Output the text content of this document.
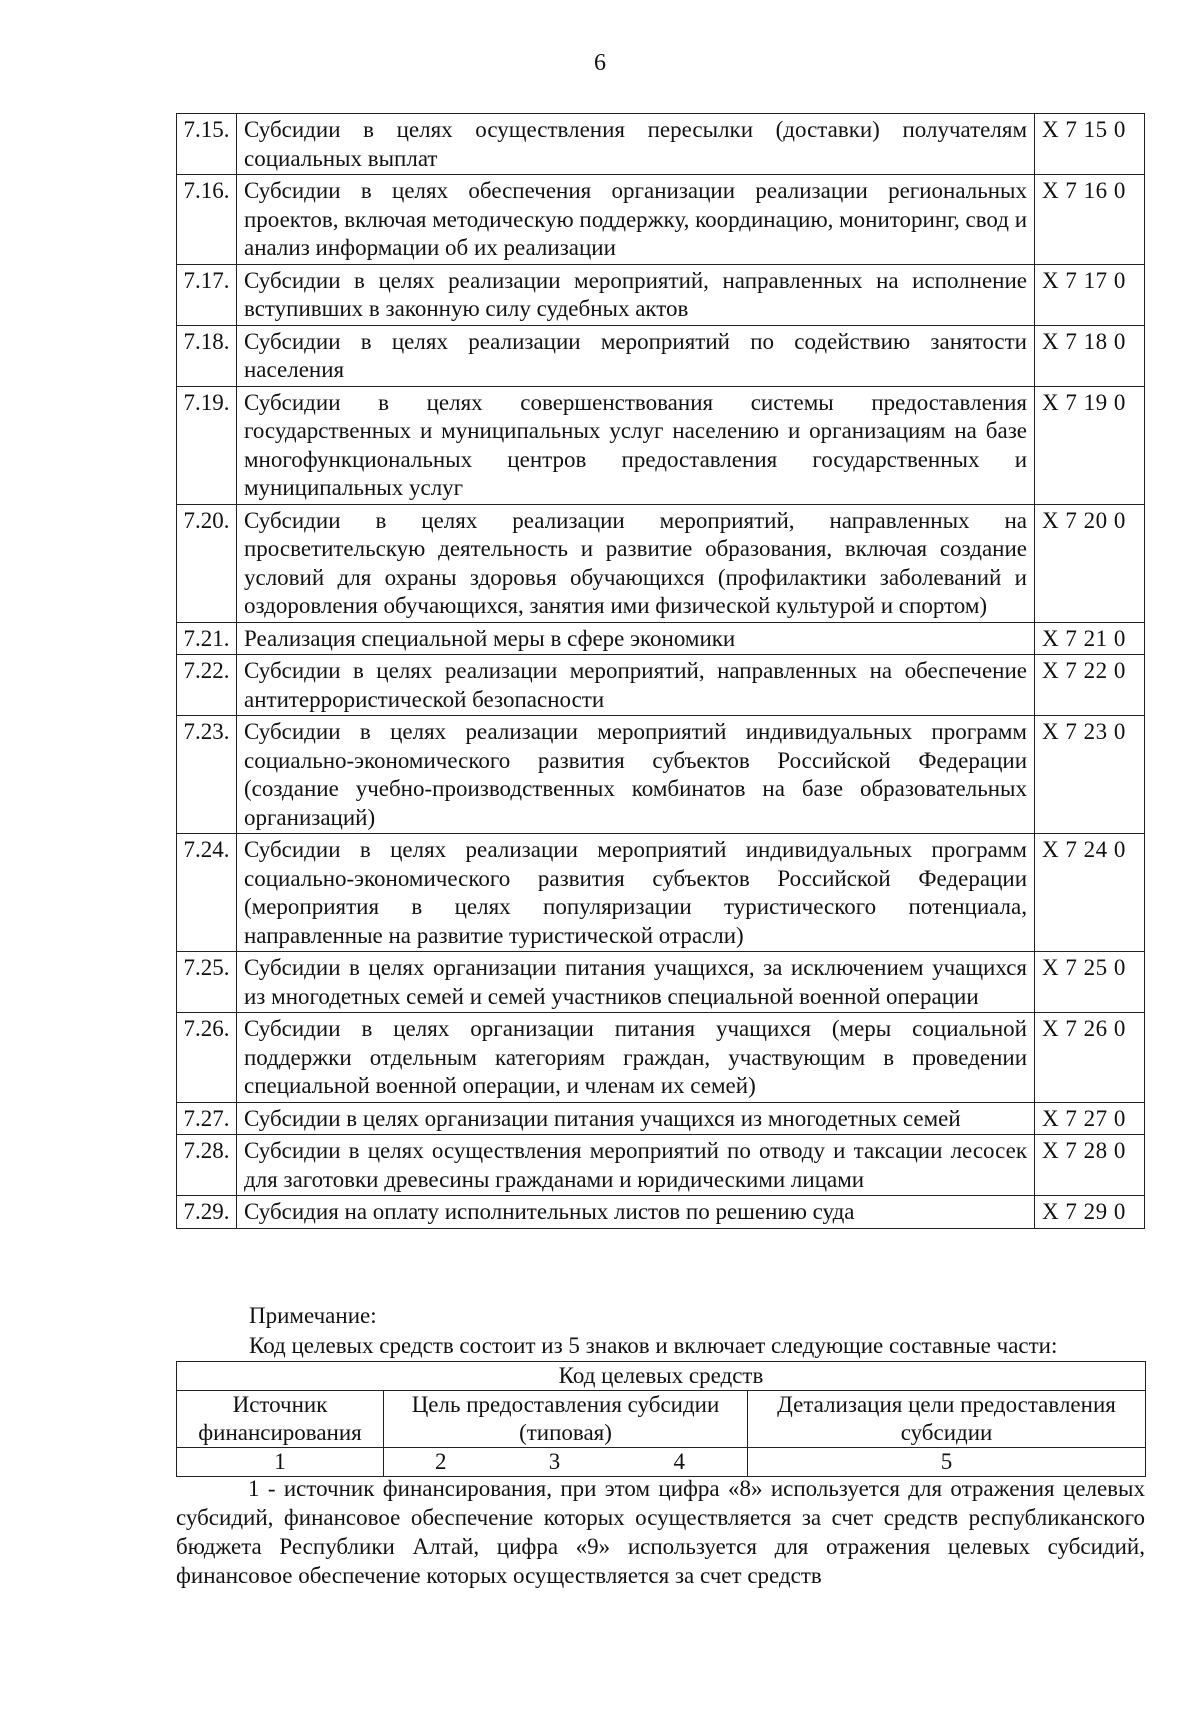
6
7.15.	Субсидии в целях осуществления пересылки (доставки) получателям социальных выплат	Х 7 15 0
7.16.	Субсидии в целях обеспечения организации реализации региональных проектов, включая методическую поддержку, координацию, мониторинг, свод и анализ информации об их реализации	Х 7 16 0
7.17.	Субсидии в целях реализации мероприятий, направленных на исполнение вступивших в законную силу судебных актов	Х 7 17 0
7.18.	Субсидии в целях реализации мероприятий по содействию занятости населения	Х 7 18 0
7.19.	Субсидии в целях совершенствования системы предоставления государственных и муниципальных услуг населению и организациям на базе многофункциональных центров предоставления государственных и муниципальных услуг	Х 7 19 0
7.20.	Субсидии в целях реализации мероприятий, направленных на просветительскую деятельность и развитие образования, включая создание условий для охраны здоровья обучающихся (профилактики заболеваний и оздоровления обучающихся, занятия ими физической культурой и спортом)	Х 7 20 0
7.21.	Реализация специальной меры в сфере экономики	Х 7 21 0
7.22.	Субсидии в целях реализации мероприятий, направленных на обеспечение антитеррористической безопасности	Х 7 22 0
7.23.	Субсидии в целях реализации мероприятий индивидуальных программ социально-экономического развития субъектов Российской Федерации (создание учебно-производственных комбинатов на базе образовательных организаций)	Х 7 23 0
7.24.	Субсидии в целях реализации мероприятий индивидуальных программ социально-экономического развития субъектов Российской Федерации (мероприятия в целях популяризации туристического потенциала, направленные на развитие туристической отрасли)	Х 7 24 0
7.25.	Субсидии в целях организации питания учащихся, за исключением учащихся из многодетных семей и семей участников специальной военной операции	Х 7 25 0
7.26.	Субсидии в целях организации питания учащихся (меры социальной поддержки отдельным категориям граждан, участвующим в проведении специальной военной операции, и членам их семей)	Х 7 26 0
7.27.	Субсидии в целях организации питания учащихся из многодетных семей	Х 7 27 0
7.28.	Субсидии в целях осуществления мероприятий по отводу и таксации лесосек для заготовки древесины гражданами и юридическими лицами	Х 7 28 0
7.29.	Субсидия на оплату исполнительных листов по решению суда	Х 7 29 0
Примечание:
Код целевых средств состоит из 5 знаков и включает следующие составные части:
Код целевых средств				
Источник финансирования	Цель предоставления субсидии (типовая)			Детализация цели предоставления субсидии
1	2	3	4	5
1 - источник финансирования, при этом цифра «8» используется для отражения целевых субсидий, финансовое обеспечение которых осуществляется за счет средств республиканского бюджета Республики Алтай, цифра «9» используется для отражения целевых субсидий, финансовое обеспечение которых осуществляется за счет средств
